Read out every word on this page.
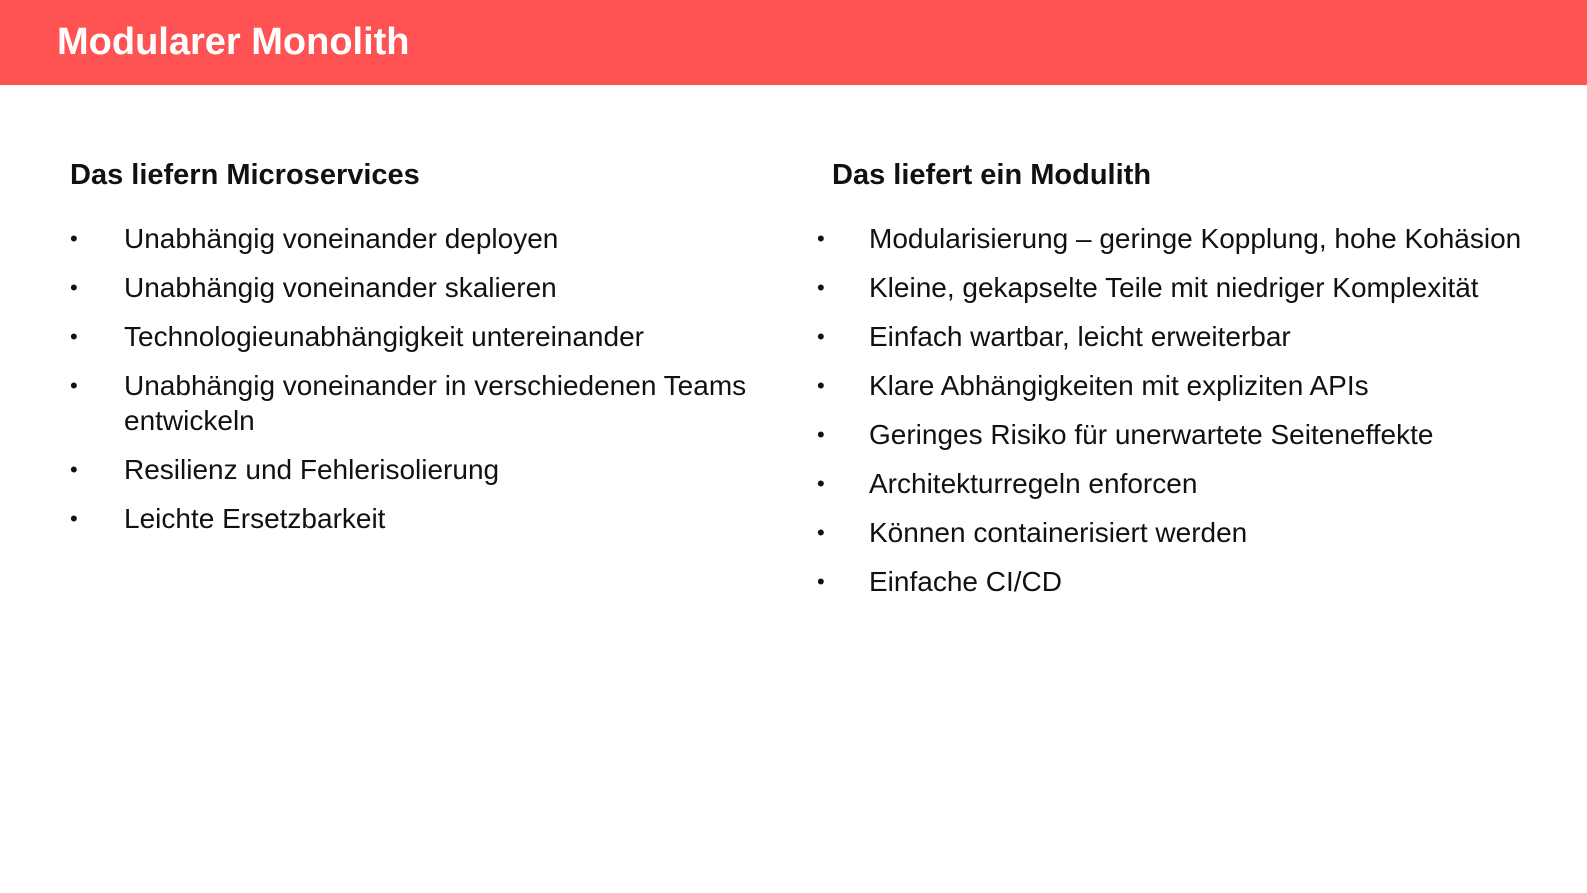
Modularer Monolith
Das liefern Microservices
• Unabhängig voneinander deployen
• Unabhängig voneinander skalieren
• Technologieunabhängigkeit untereinander
• Unabhängig voneinander in verschiedenen Teams entwickeln
• Resilienz und Fehlerisolierung
• Leichte Ersetzbarkeit
Das liefert ein Modulith
• Modularisierung – geringe Kopplung, hohe Kohäsion
• Kleine, gekapselte Teile mit niedriger Komplexität
• Einfach wartbar, leicht erweiterbar
• Klare Abhängigkeiten mit expliziten APIs
• Geringes Risiko für unerwartete Seiteneffekte
• Architekturregeln enforcen
• Können containerisiert werden
• Einfache CI/CD
